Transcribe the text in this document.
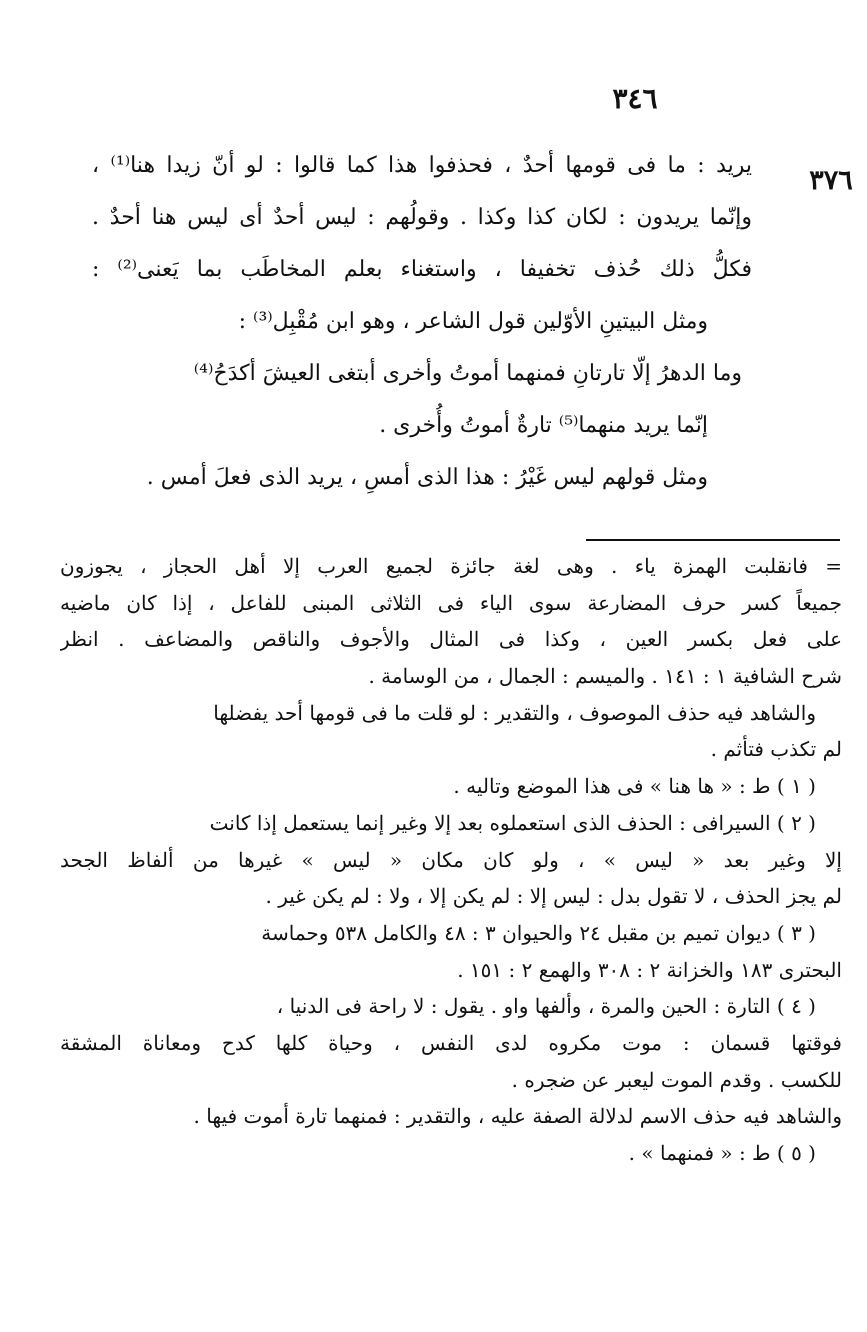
٣٤٦
٣٧٦
يريد : ما فى قومها أحدٌ ، فحذفوا هذا كما قالوا : لو أنّ زيدا هنا⁽¹⁾ ،
وإنّما يريدون : لكان كذا وكذا . وقولُهم : ليس أحدٌ أى ليس هنا أحدٌ .
فكلُّ ذلك حُذف تخفيفا ، واستغناء بعلم المخاطَب بما يَعنى⁽²⁾ :
ومثل البيتينِ الأوّلين قول الشاعر ، وهو ابن مُقْبِل⁽³⁾ :
وما الدهرُ إلّا تارتانِ فمنهما أموتُ وأخرى أبتغى العيشَ أكدَحُ⁽⁴⁾
إنّما يريد منهما⁽⁵⁾ تارةٌ أموتُ وأُخرى .
ومثل قولهم ليس غَيْرُ : هذا الذى أمسِ ، يريد الذى فعلَ أمس .
= فانقلبت الهمزة ياء . وهى لغة جائزة لجميع العرب إلا أهل الحجاز ، يجوزون
جميعاً كسر حرف المضارعة سوى الياء فى الثلاثى المبنى للفاعل ، إذا كان ماضيه
على فعل بكسر العين ، وكذا فى المثال والأجوف والناقص والمضاعف . انظر
شرح الشافية ١ : ١٤١ . والميسم : الجمال ، من الوسامة .
والشاهد فيه حذف الموصوف ، والتقدير : لو قلت ما فى قومها أحد يفضلها
لم تكذب فتأثم .
( ١ ) ط : « ها هنا » فى هذا الموضع وتاليه .
( ٢ ) السيرافى : الحذف الذى استعملوه بعد إلا وغير إنما يستعمل إذا كانت
إلا وغير بعد « ليس » ، ولو كان مكان « ليس » غيرها من ألفاظ الجحد
لم يجز الحذف ، لا تقول بدل : ليس إلا : لم يكن إلا ، ولا : لم يكن غير .
( ٣ ) ديوان تميم بن مقبل ٢٤ والحيوان ٣ : ٤٨ والكامل ٥٣٨ وحماسة
البحترى ١٨٣ والخزانة ٢ : ٣٠٨ والهمع ٢ : ١٥١ .
( ٤ ) التارة : الحين والمرة ، وألفها واو . يقول : لا راحة فى الدنيا ،
فوقتها قسمان : موت مكروه لدى النفس ، وحياة كلها كدح ومعاناة المشقة
للكسب . وقدم الموت ليعبر عن ضجره .
والشاهد فيه حذف الاسم لدلالة الصفة عليه ، والتقدير : فمنهما تارة أموت فيها .
( ٥ ) ط : « فمنهما » .
